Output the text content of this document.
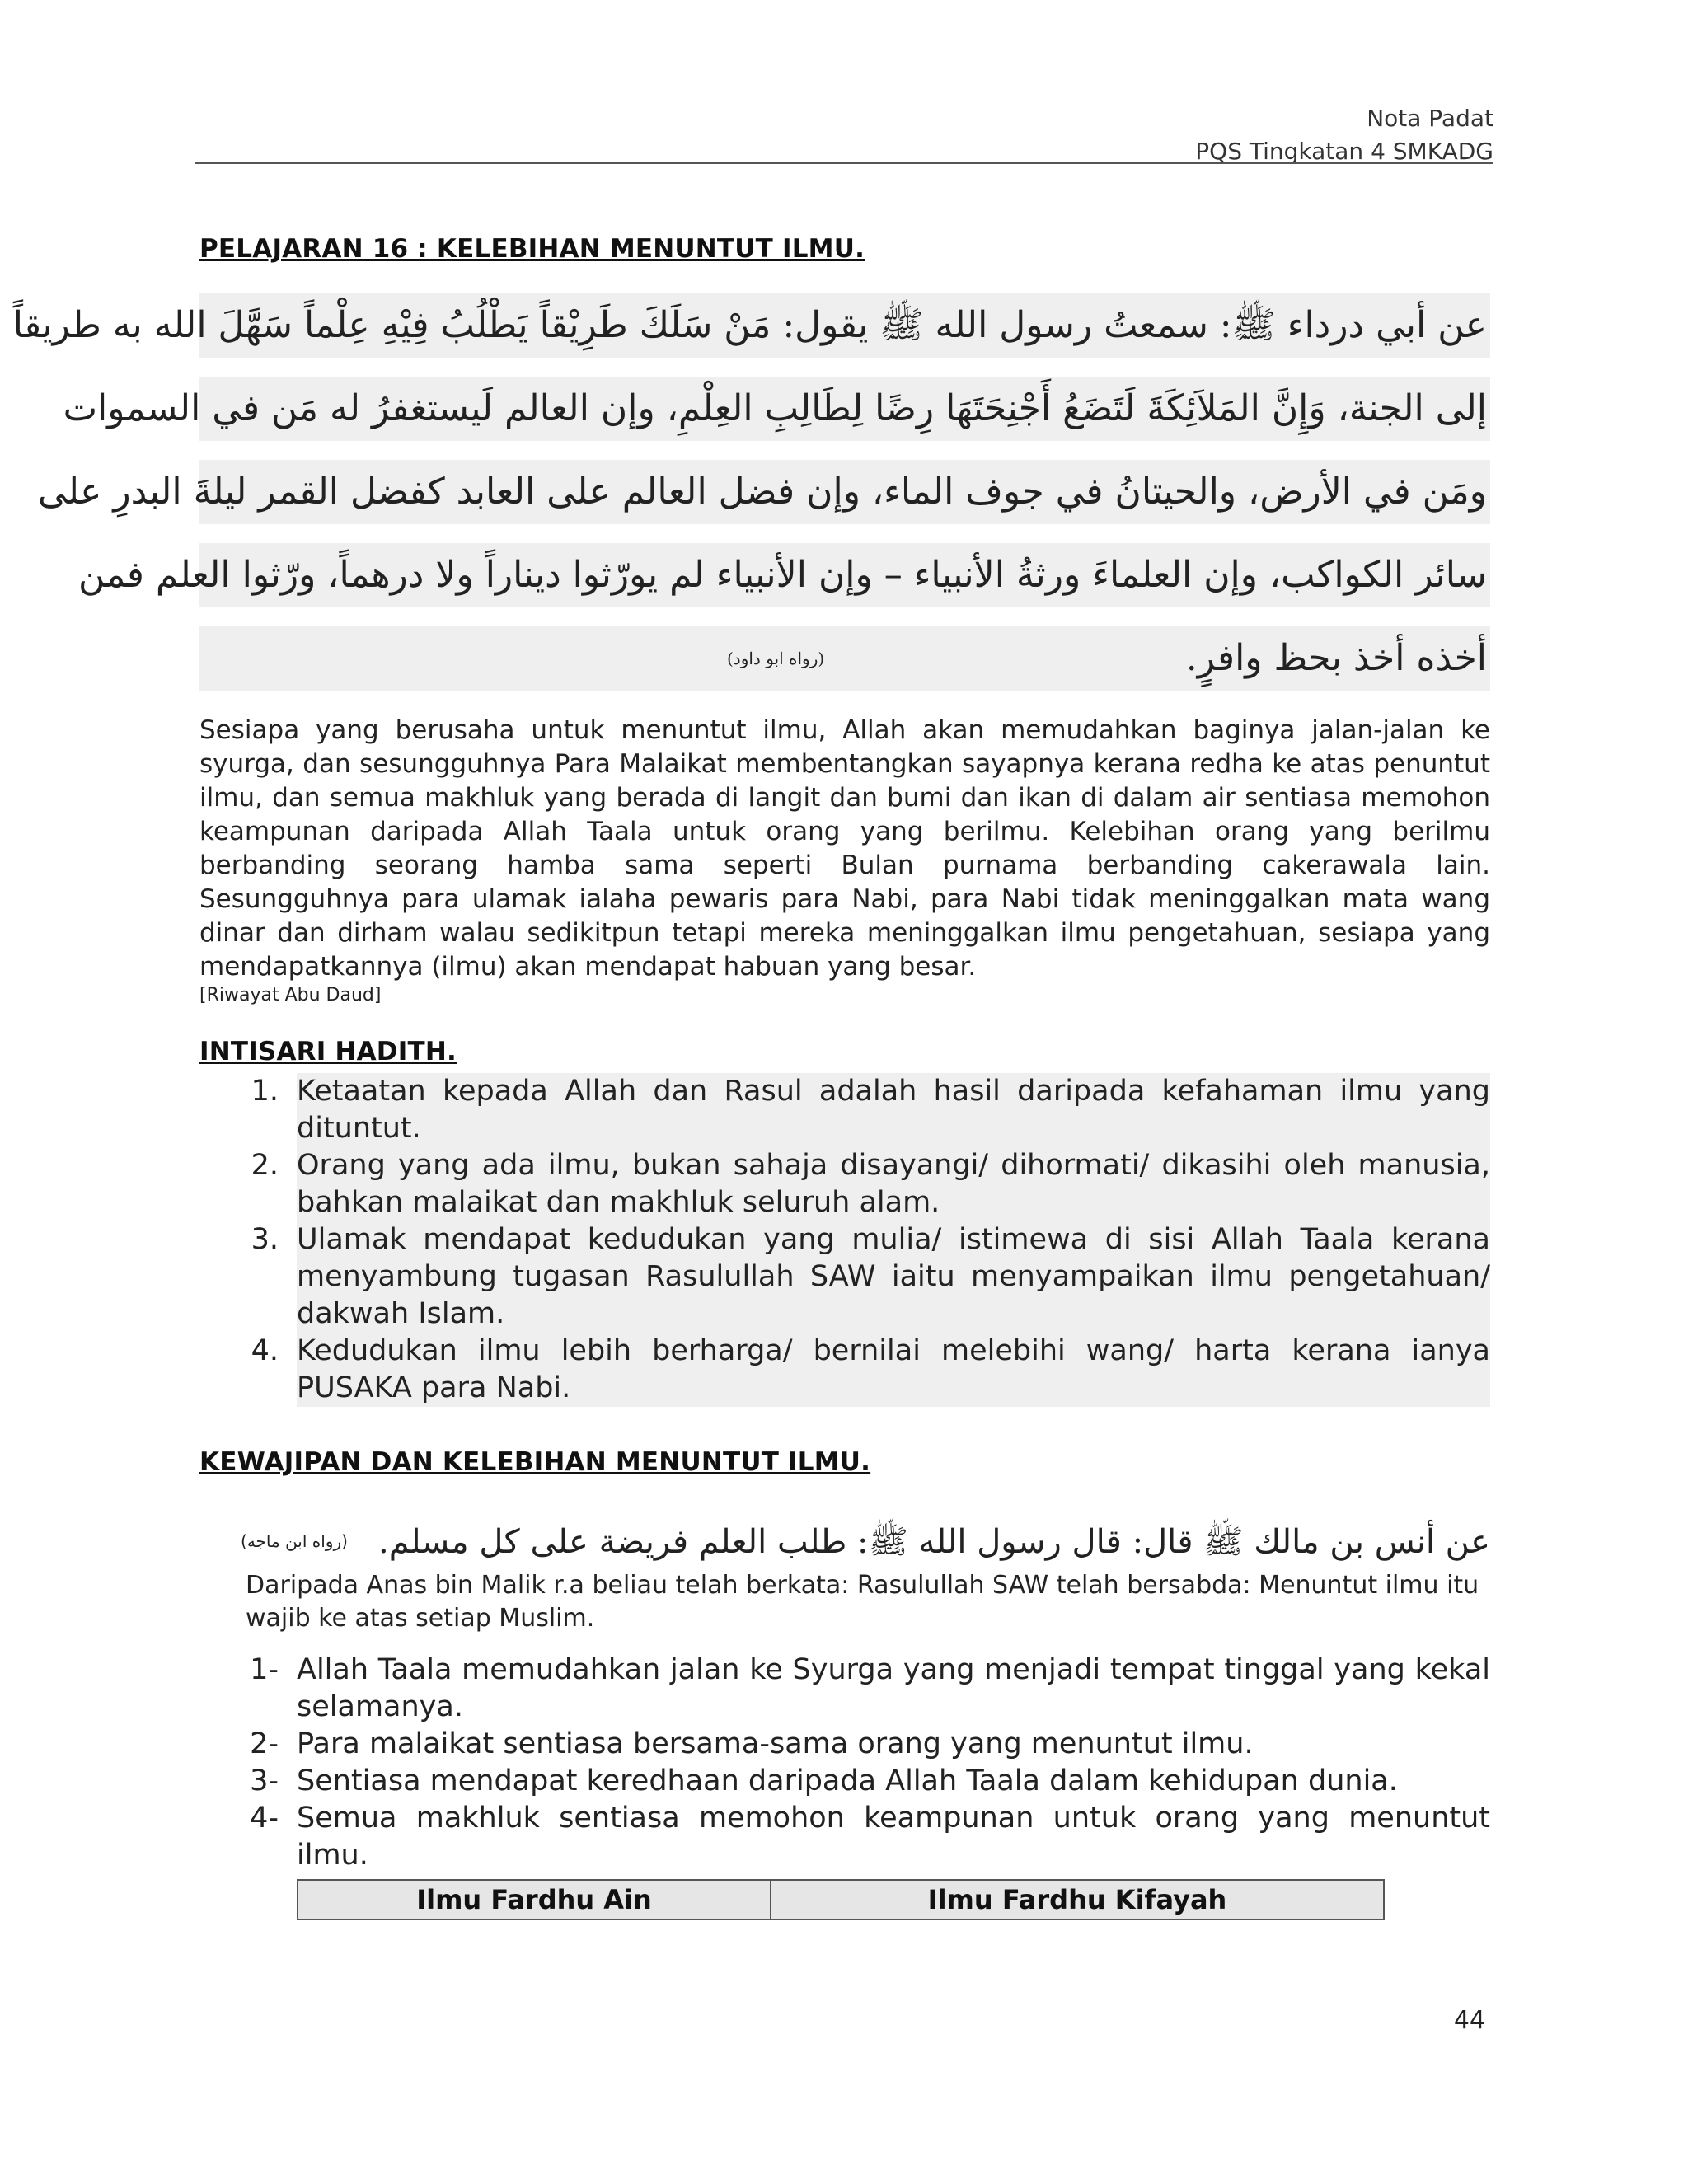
Nota Padat
PQS Tingkatan 4 SMKADG
PELAJARAN 16 : KELEBIHAN MENUNTUT ILMU.
عن أبي درداء ﷺ: سمعتُ رسول الله ﷺ يقول: مَنْ سَلَكَ طَرِيْقاً يَطْلُبُ فِيْهِ عِلْماً سَهَّلَ الله به طريقاً
إلى الجنة، وَإِنَّ المَلاَئِكَةَ لَتَضَعُ أَجْنِحَتَهَا رِضًا لِطَالِبِ العِلْمِ، وإن العالم لَيستغفرُ له مَن في السموات
ومَن في الأرض، والحيتانُ في جوف الماء، وإن فضل العالم على العابد كفضل القمر ليلةَ البدرِ على
سائر الكواكب، وإن العلماءَ ورثةُ الأنبياء – وإن الأنبياء لم يورّثوا ديناراً ولا درهماً، ورّثوا العلم فمن
أخذه أخذ بحظ وافرٍ.
(رواه ابو داود)
Sesiapa yang berusaha untuk menuntut ilmu, Allah akan memudahkan baginya jalan-jalan ke syurga, dan sesungguhnya Para Malaikat membentangkan sayapnya kerana redha ke atas penuntut ilmu, dan semua makhluk yang berada di langit dan bumi dan ikan di dalam air sentiasa memohon keampunan daripada Allah Taala untuk orang yang berilmu. Kelebihan orang yang berilmu berbanding seorang hamba sama seperti Bulan purnama berbanding cakerawala lain. Sesungguhnya para ulamak ialaha pewaris para Nabi, para Nabi tidak meninggalkan mata wang dinar dan dirham walau sedikitpun tetapi mereka meninggalkan ilmu pengetahuan, sesiapa yang mendapatkannya (ilmu) akan mendapat habuan yang besar.
[Riwayat Abu Daud]
INTISARI HADITH.
1. Ketaatan kepada Allah dan Rasul adalah hasil daripada kefahaman ilmu yang dituntut.
2. Orang yang ada ilmu, bukan sahaja disayangi/ dihormati/ dikasihi oleh manusia, bahkan malaikat dan makhluk seluruh alam.
3. Ulamak mendapat kedudukan yang mulia/ istimewa di sisi Allah Taala kerana menyambung tugasan Rasulullah SAW iaitu menyampaikan ilmu pengetahuan/ dakwah Islam.
4. Kedudukan ilmu lebih berharga/ bernilai melebihi wang/ harta kerana ianya PUSAKA para Nabi.
KEWAJIPAN DAN KELEBIHAN MENUNTUT ILMU.
عن أنس بن مالك ﷺ قال: قال رسول الله ﷺ: طلب العلم فريضة على كل مسلم.
(رواه ابن ماجه)
Daripada Anas bin Malik r.a beliau telah berkata: Rasulullah SAW telah bersabda: Menuntut ilmu itu wajib ke atas setiap Muslim.
1- Allah Taala memudahkan jalan ke Syurga yang menjadi tempat tinggal yang kekal selamanya.
2- Para malaikat sentiasa bersama-sama orang yang menuntut ilmu.
3- Sentiasa mendapat keredhaan daripada Allah Taala dalam kehidupan dunia.
4- Semua makhluk sentiasa memohon keampunan untuk orang yang menuntut ilmu.
Ilmu Fardhu Ain	Ilmu Fardhu Kifayah
44
